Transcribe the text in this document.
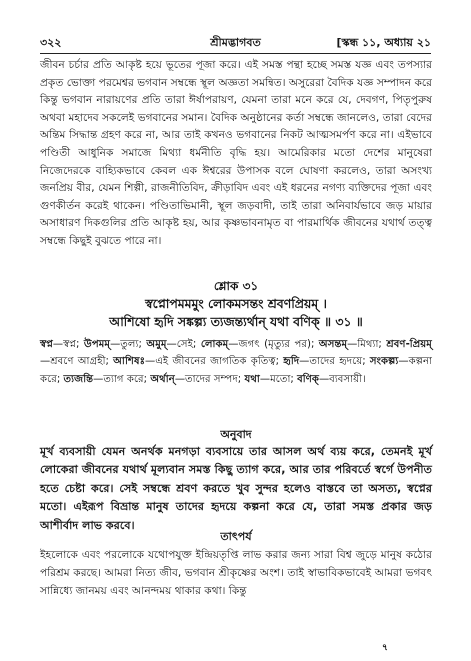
৩২২	শ্রীমদ্ভাগবত	[স্কন্ধ ১১, অধ্যায় ২১

জীবন চর্চার প্রতি আকৃষ্ট হয়ে ভূতের পূজা করে। এই সমস্ত পন্থা হচ্ছে সমস্ত যজ্ঞ এবং তপস্যার প্রকৃত ভোক্তা পরমেশ্বর ভগবান সম্বন্ধে স্থূল অজ্ঞতা সমন্বিত। অসুরেরা বৈদিক যজ্ঞ সম্পাদন করে কিন্তু ভগবান নারায়ণের প্রতি তারা ঈর্ষাপরায়ণ, যেমনা তারা মনে করে যে, দেবগণ, পিতৃপুরুষ অথবা মহাদেব সকলেই ভগবানের সমান। বৈদিক অনুষ্ঠানের কর্তা সম্বন্ধে জানলেও, তারা বেদের অন্তিম সিদ্ধান্ত গ্রহণ করে না, আর তাই কখনও ভগবানের নিকট আত্মসমর্পণ করে না। এইভাবে পণ্ডিতী আধুনিক সমাজে মিথ্যা ধর্মনীতি বৃদ্ধি হয়। আমেরিকার মতো দেশের মানুষেরা নিজেদেরকে বাহ্যিকভাবে কেবল এক ঈশ্বরের উপাসক বলে ঘোষণা করলেও, তারা অসংখ্য জনপ্রিয় বীর, যেমন শিল্পী, রাজনীতিবিদ, ক্রীড়াবিদ এবং এই ধরনের নগণ্য ব্যক্তিদের পূজা এবং গুণকীর্তন করেই থাকেন। পণ্ডিতাভিমানী, স্থূল জড়বাদী, তাই তারা অনিবার্যভাবে জড় মায়ার অসাধারণ দিকগুলির প্রতি আকৃষ্ট হয়, আর কৃষ্ণভাবনামৃত বা পারমার্থিক জীবনের যথার্থ তত্ত্ব সম্বন্ধে কিছুই বুঝতে পারে না।

শ্লোক ৩১
স্বপ্নোপমমমুং লোকমসন্তং শ্রবণপ্রিয়ম্ ।
আশিষো হৃদি সঙ্কল্প্য ত্যজন্ত্যর্থান্ যথা বণিক্ ॥ ৩১ ॥

স্বপ্ন—স্বপ্ন; উপমম্—তুল্য; অমুম্—সেই; লোকম্—জগৎ (মৃত্যুর পর); অসন্তম্—মিথ্যা; শ্রবণ-প্রিয়ম্—শ্রবণে আগ্রহী; আশিষঃ—এই জীবনের জাগতিক কৃতিত্ব; হৃদি—তাদের হৃদয়ে; সংকল্প্য—কল্পনা করে; ত্যজন্তি—ত্যাগ করে; অর্থান্—তাদের সম্পদ; যথা—মতো; বণিক্—ব্যবসায়ী।

অনুবাদ

মূর্খ ব্যবসায়ী যেমন অনর্থক মনগড়া ব্যবসায়ে তার আসল অর্থ ব্যয় করে, তেমনই মূর্খ লোকেরা জীবনের যথার্থ মূল্যবান সমস্ত কিছু ত্যাগ করে, আর তার পরিবর্তে স্বর্গে উপনীত হতে চেষ্টা করে। সেই সম্বন্ধে শ্রবণ করতে খুব সুন্দর হলেও বাস্তবে তা অসত্য, স্বপ্নের মতো। এইরূপ বিভ্রান্ত মানুষ তাদের হৃদয়ে কল্পনা করে যে, তারা সমস্ত প্রকার জড় আশীর্বাদ লাভ করবে।

তাৎপর্য

ইহলোকে এবং পরলোকে যথোপযুক্ত ইন্দ্রিয়তৃপ্তি লাভ করার জন্য সারা বিশ্ব জুড়ে মানুষ কঠোর পরিশ্রম করছে। আমরা নিত্য জীব, ভগবান শ্রীকৃষ্ণের অংশ। তাই স্বাভাবিকভাবেই আমরা ভগবৎ সান্নিধ্যে জানময় এবং আনন্দময় থাকার কথা। কিন্তু

৭
